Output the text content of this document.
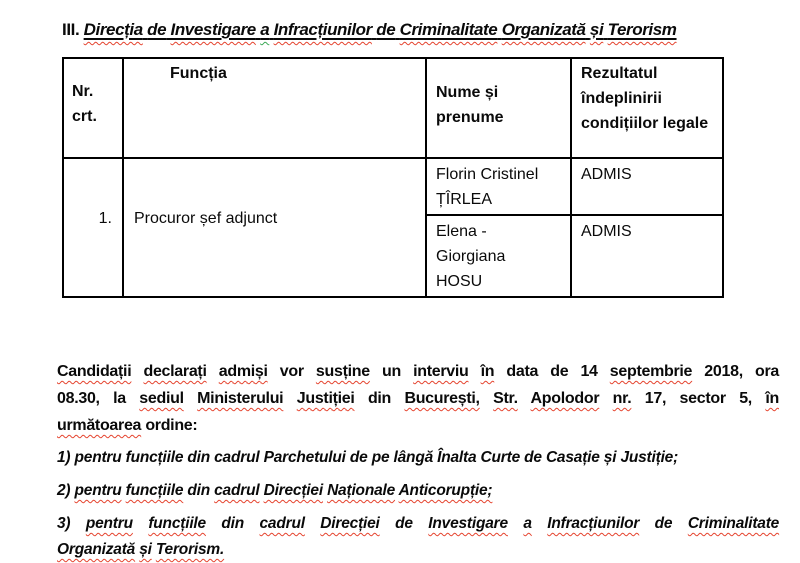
III. Direcția de Investigare a Infracțiunilor de Criminalitate Organizată și Terorism
Nr. crt.	Funcția	Nume și prenume	Rezultatul îndeplinirii condițiilor legale
1.	Procuror șef adjunct	Florin Cristinel ȚÎRLEA	ADMIS
		Elena - Giorgiana HOSU	ADMIS
Candidații declarați admiși vor susține un interviu în data de 14 septembrie 2018, ora
08.30, la sediul Ministerului Justiției din București, Str. Apolodor nr. 17, sector 5, în
următoarea ordine:
1) pentru funcțiile din cadrul Parchetului de pe lângă Înalta Curte de Casație și Justiție;
2) pentru funcțiile din cadrul Direcției Naționale Anticorupție;
3) pentru funcțiile din cadrul Direcției de Investigare a Infracțiunilor de Criminalitate
Organizată și Terorism.
